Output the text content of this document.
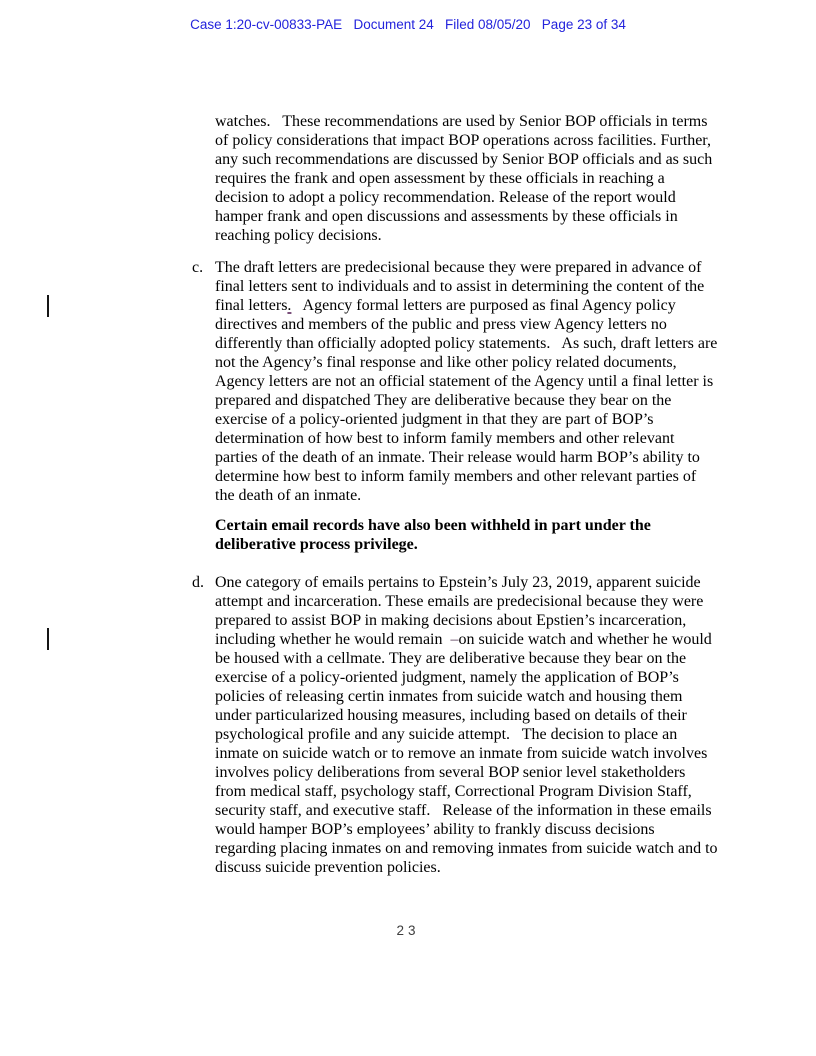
Case 1:20-cv-00833-PAE   Document 24   Filed 08/05/20   Page 23 of 34

watches.   These recommendations are used by Senior BOP officials in terms of policy considerations that impact BOP operations across facilities. Further, any such recommendations are discussed by Senior BOP officials and as such requires the frank and open assessment by these officials in reaching a decision to adopt a policy recommendation. Release of the report would hamper frank and open discussions and assessments by these officials in reaching policy decisions.

c. The draft letters are predecisional because they were prepared in advance of final letters sent to individuals and to assist in determining the content of the final letters.   Agency formal letters are purposed as final Agency policy directives and members of the public and press view Agency letters no differently than officially adopted policy statements.   As such, draft letters are not the Agency’s final response and like other policy related documents, Agency letters are not an official statement of the Agency until a final letter is prepared and dispatched They are deliberative because they bear on the exercise of a policy-oriented judgment in that they are part of BOP’s determination of how best to inform family members and other relevant parties of the death of an inmate. Their release would harm BOP’s ability to determine how best to inform family members and other relevant parties of the death of an inmate.

Certain email records have also been withheld in part under the deliberative process privilege.

d. One category of emails pertains to Epstein’s July 23, 2019, apparent suicide attempt and incarceration. These emails are predecisional because they were prepared to assist BOP in making decisions about Epstien’s incarceration, including whether he would remain  –on suicide watch and whether he would be housed with a cellmate. They are deliberative because they bear on the exercise of a policy-oriented judgment, namely the application of BOP’s policies of releasing certin inmates from suicide watch and housing them under particularized housing measures, including based on details of their psychological profile and any suicide attempt.   The decision to place an inmate on suicide watch or to remove an inmate from suicide watch involves involves policy deliberations from several BOP senior level staketholders from medical staff, psychology staff, Correctional Program Division Staff, security staff, and executive staff.   Release of the information in these emails would hamper BOP’s employees’ ability to frankly discuss decisions regarding placing inmates on and removing inmates from suicide watch and to discuss suicide prevention policies.

23
